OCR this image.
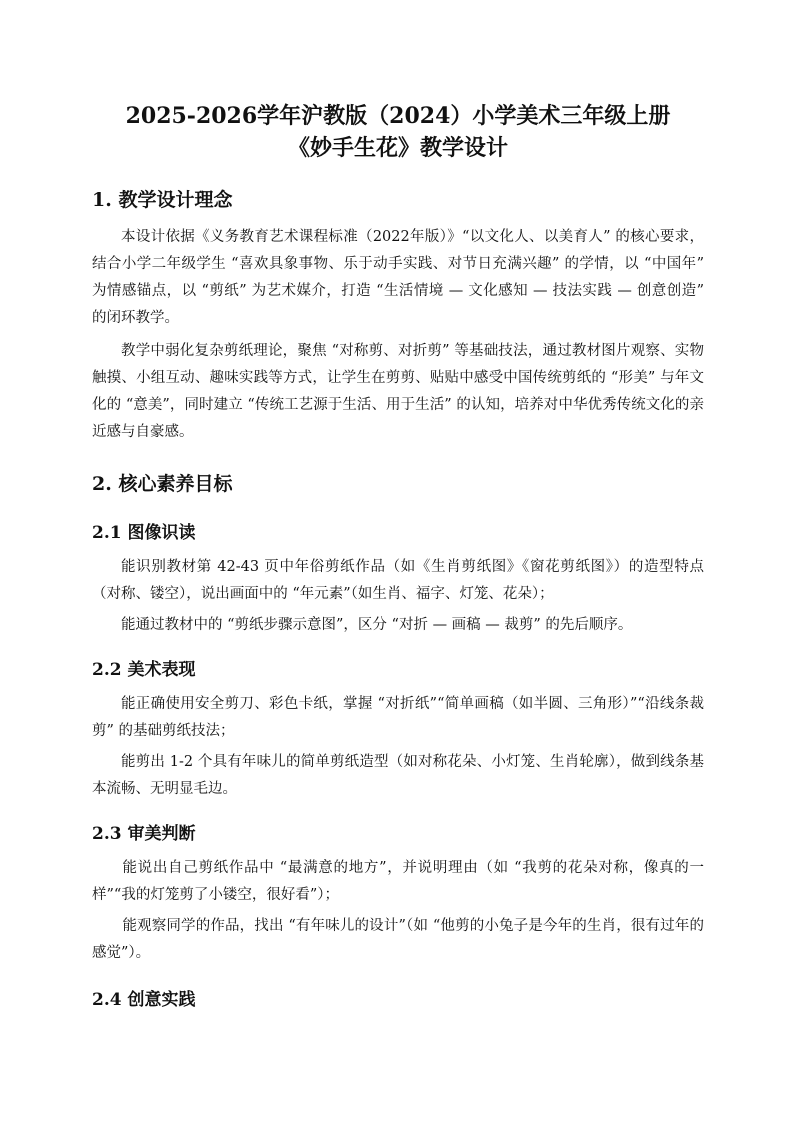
2025-2026学年沪教版（2024）小学美术三年级上册

《妙手生花》教学设计

1. 教学设计理念

本设计依据《义务教育艺术课程标准（2022年版）》“以文化人、以美育人” 的核心要求，结合小学二年级学生 “喜欢具象事物、乐于动手实践、对节日充满兴趣” 的学情，以 “中国年” 为情感锚点，以 “剪纸” 为艺术媒介，打造 “生活情境 — 文化感知 — 技法实践 — 创意创造” 的闭环教学。

教学中弱化复杂剪纸理论，聚焦 “对称剪、对折剪” 等基础技法，通过教材图片观察、实物触摸、小组互动、趣味实践等方式，让学生在剪剪、贴贴中感受中国传统剪纸的 “形美” 与年文化的 “意美”，同时建立 “传统工艺源于生活、用于生活” 的认知，培养对中华优秀传统文化的亲近感与自豪感。

2. 核心素养目标

2.1 图像识读

能识别教材第 42-43 页中年俗剪纸作品（如《生肖剪纸图》《窗花剪纸图》）的造型特点（对称、镂空），说出画面中的 “年元素”（如生肖、福字、灯笼、花朵）；

能通过教材中的 “剪纸步骤示意图”，区分 “对折 — 画稿 — 裁剪” 的先后顺序。

2.2 美术表现

能正确使用安全剪刀、彩色卡纸，掌握 “对折纸”“简单画稿（如半圆、三角形）”“沿线条裁剪” 的基础剪纸技法；

能剪出 1-2 个具有年味儿的简单剪纸造型（如对称花朵、小灯笼、生肖轮廓），做到线条基本流畅、无明显毛边。

2.3 审美判断

能说出自己剪纸作品中 “最满意的地方”，并说明理由（如 “我剪的花朵对称，像真的一样”“我的灯笼剪了小镂空，很好看”）；

能观察同学的作品，找出 “有年味儿的设计”（如 “他剪的小兔子是今年的生肖，很有过年的感觉”）。

2.4 创意实践
